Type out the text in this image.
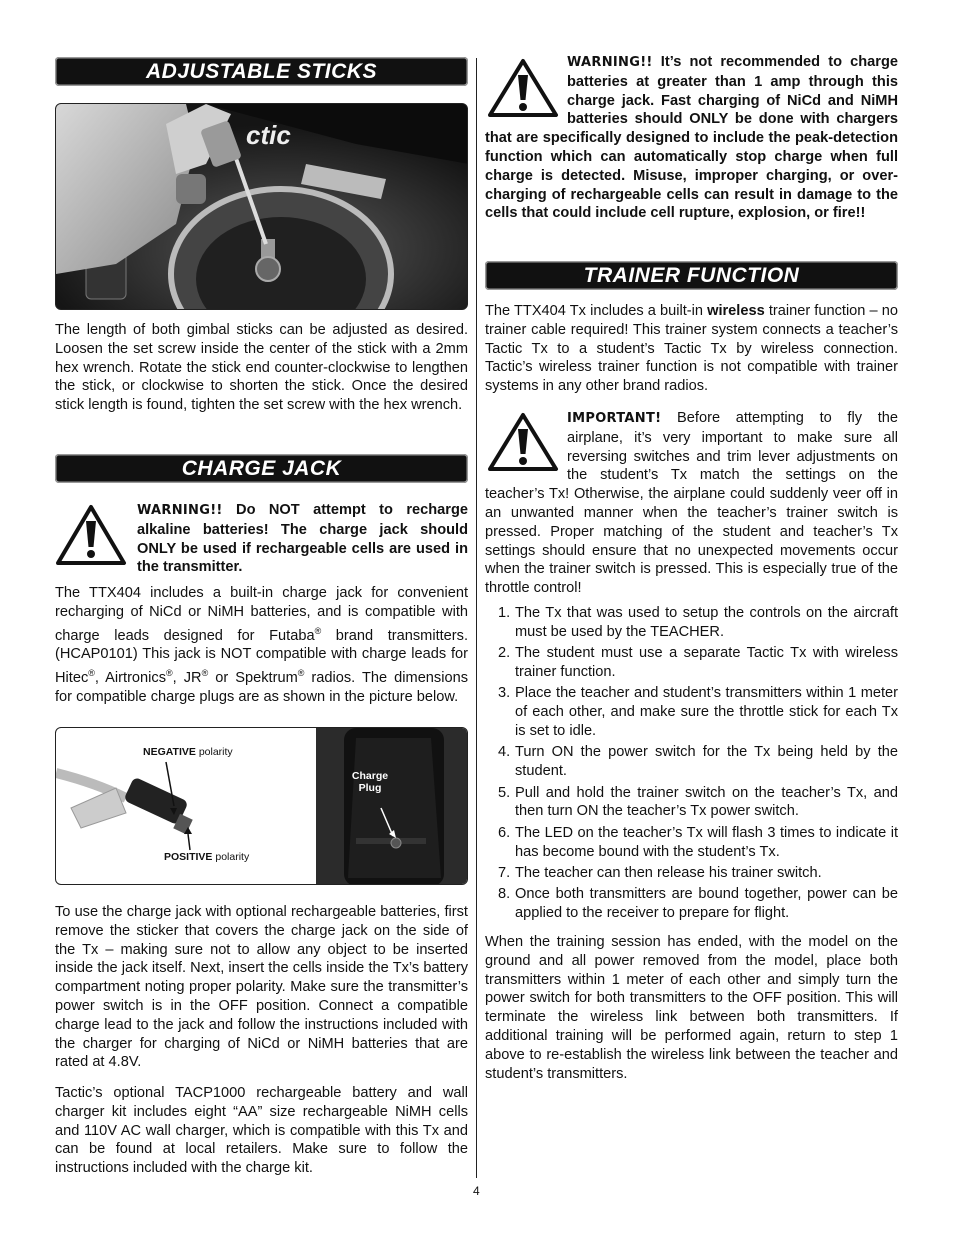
ADJUSTABLE STICKS
ctic

The length of both gimbal sticks can be adjusted as desired. Loosen the set screw inside the center of the stick with a 2mm hex wrench. Rotate the stick end counter-clockwise to lengthen the stick, or clockwise to shorten the stick. Once the desired stick length is found, tighten the set screw with the hex wrench.

CHARGE JACK

WARNING!! Do NOT attempt to recharge alkaline batteries! The charge jack should ONLY be used if rechargeable cells are used in the transmitter.

The TTX404 includes a built-in charge jack for convenient recharging of NiCd or NiMH batteries, and is compatible with charge leads designed for Futaba® brand transmitters. (HCAP0101) This jack is NOT compatible with charge leads for Hitec®, Airtronics®, JR® or Spektrum® radios. The dimensions for compatible charge plugs are as shown in the picture below.

NEGATIVE polarity
POSITIVE polarity
Charge
Plug

To use the charge jack with optional rechargeable batteries, first remove the sticker that covers the charge jack on the side of the Tx – making sure not to allow any object to be inserted inside the jack itself. Next, insert the cells inside the Tx’s battery compartment noting proper polarity. Make sure the transmitter’s power switch is in the OFF position. Connect a compatible charge lead to the jack and follow the instructions included with the charger for charging of NiCd or NiMH batteries that are rated at 4.8V.

Tactic’s optional TACP1000 rechargeable battery and wall charger kit includes eight “AA” size rechargeable NiMH cells and 110V AC wall charger, which is compatible with this Tx and can be found at local retailers. Make sure to follow the instructions included with the charge kit.

WARNING!! It’s not recommended to charge batteries at greater than 1 amp through this charge jack. Fast charging of NiCd and NiMH batteries should ONLY be done with chargers that are specifically designed to include the peak-detection function which can automatically stop charge when full charge is detected. Misuse, improper charging, or over-charging of rechargeable cells can result in damage to the cells that could include cell rupture, explosion, or fire!!
TRAINER FUNCTION

The TTX404 Tx includes a built-in wireless trainer function – no trainer cable required! This trainer system connects a teacher’s Tactic Tx to a student’s Tactic Tx by wireless connection. Tactic’s wireless trainer function is not compatible with trainer systems in any other brand radios.

IMPORTANT! Before attempting to fly the airplane, it’s very important to make sure all reversing switches and trim lever adjustments on the student’s Tx match the settings on the teacher’s Tx! Otherwise, the airplane could suddenly veer off in an unwanted manner when the teacher’s trainer switch is pressed. Proper matching of the student and teacher’s Tx settings should ensure that no unexpected movements occur when the trainer switch is pressed. This is especially true of the throttle control!
1. The Tx that was used to setup the controls on the aircraft must be used by the TEACHER.
2. The student must use a separate Tactic Tx with wireless trainer function.
3. Place the teacher and student’s transmitters within 1 meter of each other, and make sure the throttle stick for each Tx is set to idle.
4. Turn ON the power switch for the Tx being held by the student.
5. Pull and hold the trainer switch on the teacher’s Tx, and then turn ON the teacher’s Tx power switch.
6. The LED on the teacher’s Tx will flash 3 times to indicate it has become bound with the student’s Tx.
7. The teacher can then release his trainer switch.
8. Once both transmitters are bound together, power can be applied to the receiver to prepare for flight.

When the training session has ended, with the model on the ground and all power removed from the model, place both transmitters within 1 meter of each other and simply turn the power switch for both transmitters to the OFF position. This will terminate the wireless link between both transmitters. If additional training will be performed again, return to step 1 above to re-establish the wireless link between the teacher and student’s transmitters.

4
